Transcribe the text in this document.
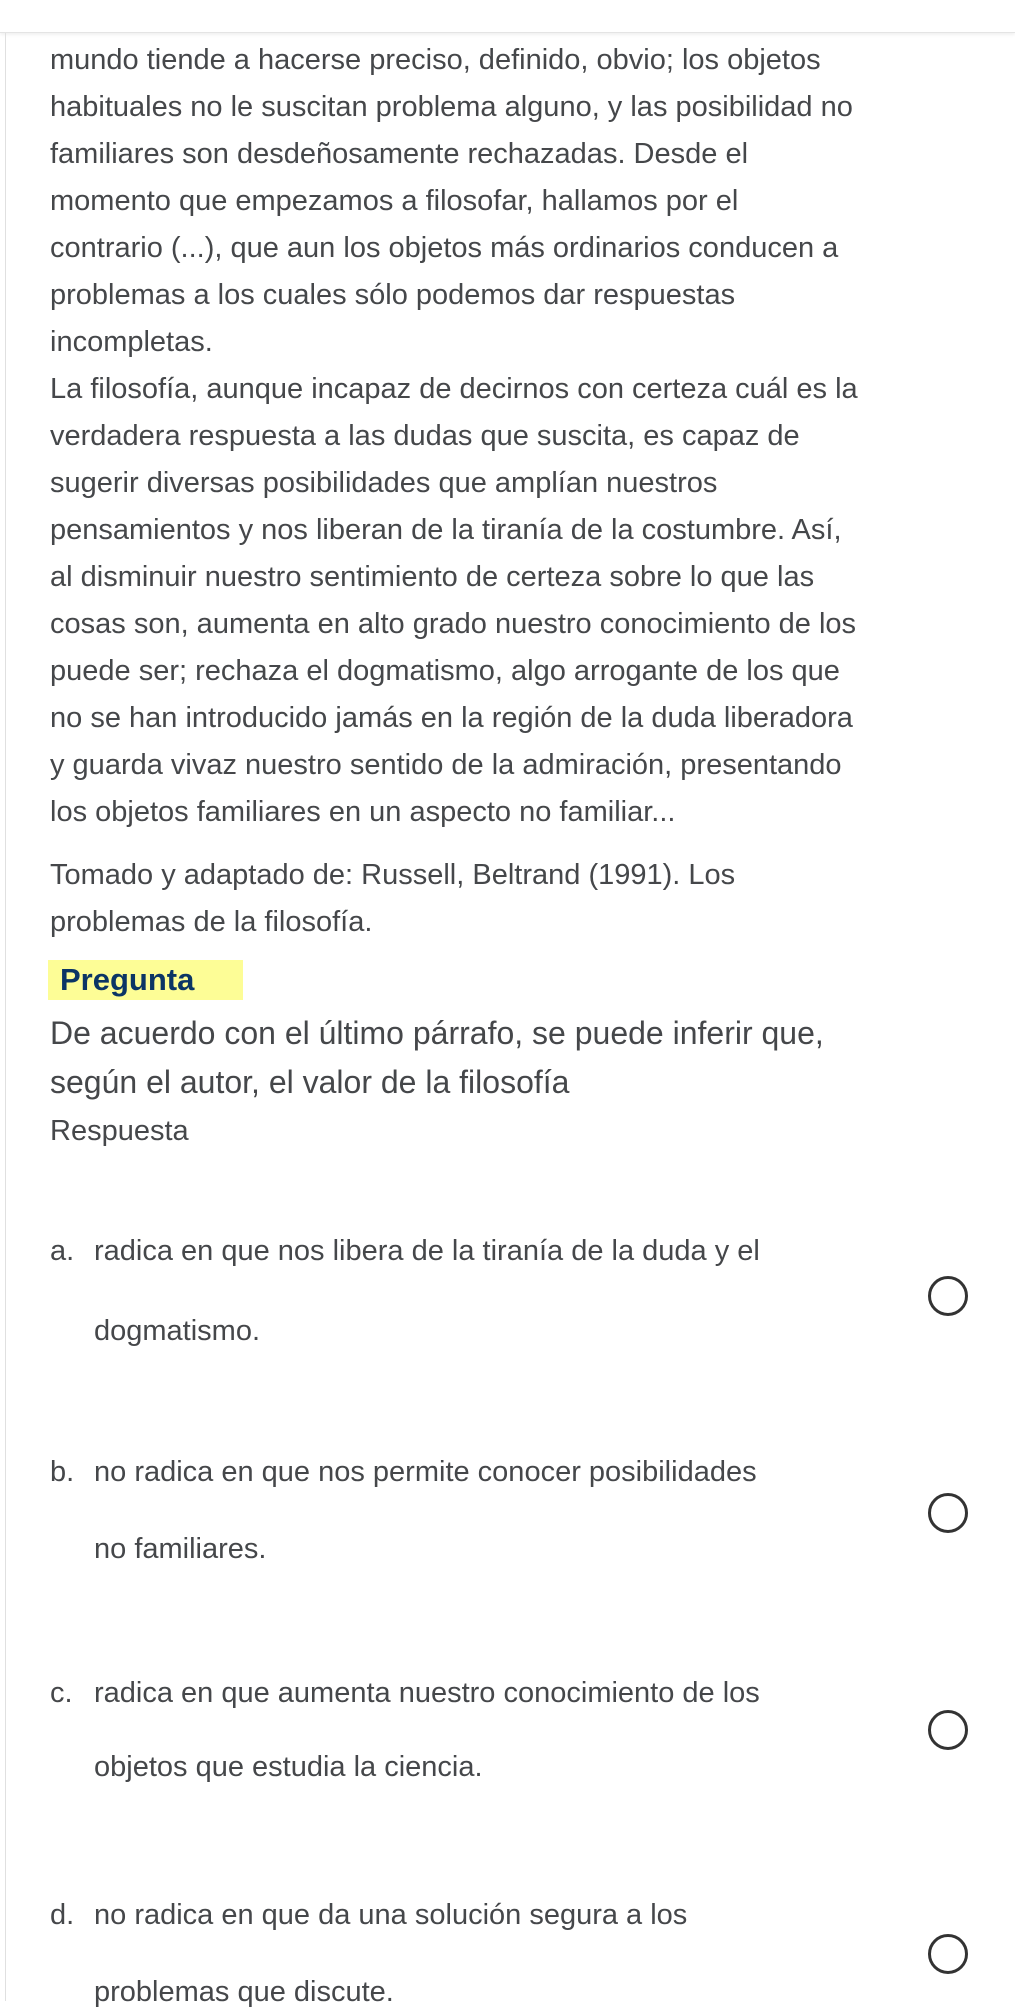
mundo tiende a hacerse preciso, definido, obvio; los objetos
habituales no le suscitan problema alguno, y las posibilidad no
familiares son desdeñosamente rechazadas. Desde el
momento que empezamos a filosofar, hallamos por el
contrario (...), que aun los objetos más ordinarios conducen a
problemas a los cuales sólo podemos dar respuestas
incompletas.
La filosofía, aunque incapaz de decirnos con certeza cuál es la
verdadera respuesta a las dudas que suscita, es capaz de
sugerir diversas posibilidades que amplían nuestros
pensamientos y nos liberan de la tiranía de la costumbre. Así,
al disminuir nuestro sentimiento de certeza sobre lo que las
cosas son, aumenta en alto grado nuestro conocimiento de los
puede ser; rechaza el dogmatismo, algo arrogante de los que
no se han introducido jamás en la región de la duda liberadora
y guarda vivaz nuestro sentido de la admiración, presentando
los objetos familiares en un aspecto no familiar...
Tomado y adaptado de: Russell, Beltrand (1991). Los
problemas de la filosofía.
Pregunta
De acuerdo con el último párrafo, se puede inferir que,
según el autor, el valor de la filosofía
Respuesta
a. radica en que nos libera de la tiranía de la duda y el
dogmatismo.
b. no radica en que nos permite conocer posibilidades
no familiares.
c. radica en que aumenta nuestro conocimiento de los
objetos que estudia la ciencia.
d. no radica en que da una solución segura a los
problemas que discute.
